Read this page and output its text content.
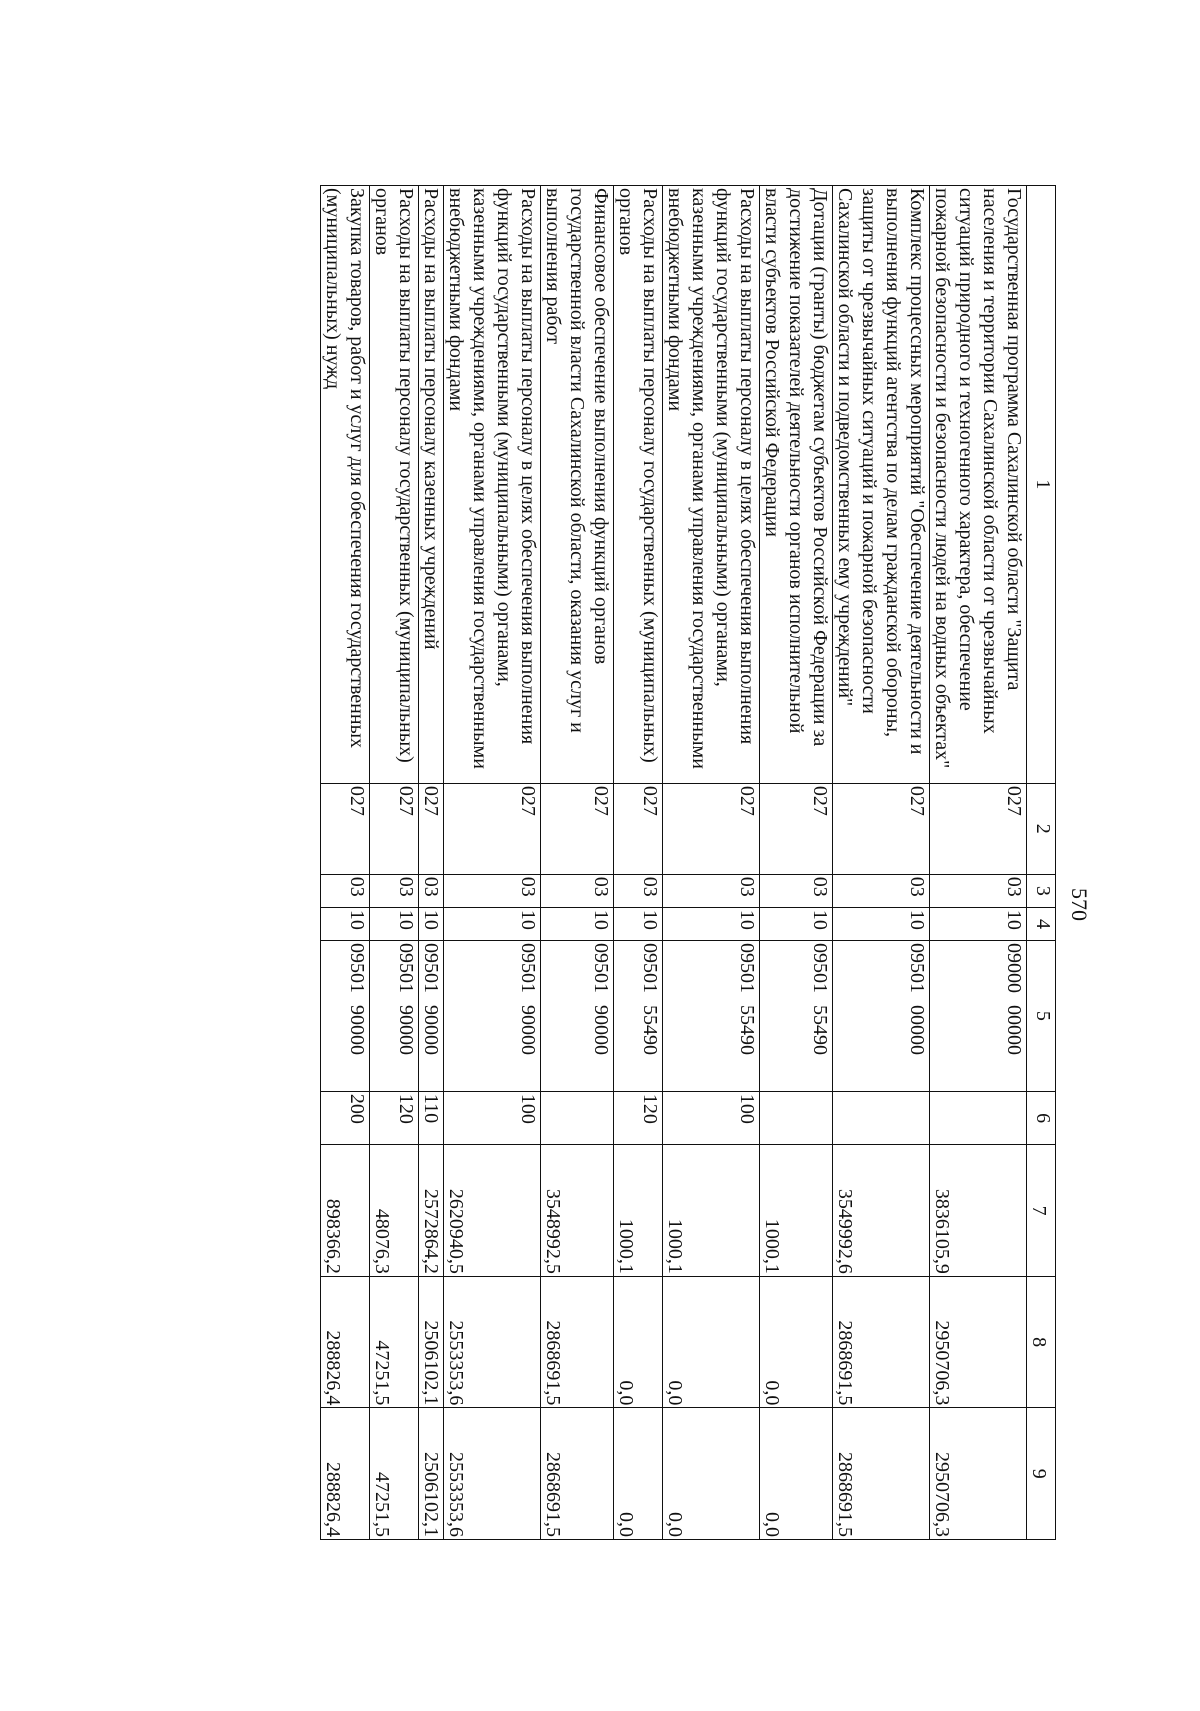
570
1	2	3	4	5	6	7	8	9
Государственная программа Сахалинской области "Защита населения и территории Сахалинской области от чрезвычайных ситуаций природного и техногенного характера, обеспечение пожарной безопасности и безопасности людей на водных объектах"	027	03	10	0900000000		3836105,9	2950706,3	2950706,3
Комплекс процессных мероприятий "Обеспечение деятельности и выполнения функций агентства по делам гражданской обороны, защиты от чрезвычайных ситуаций и пожарной безопасности Сахалинской области и подведомственных ему учреждений"	027	03	10	0950100000		3549992,6	2868691,5	2868691,5
Дотации (гранты) бюджетам субъектов Российской Федерации за достижение показателей деятельности органов исполнительной власти субъектов Российской Федерации	027	03	10	0950155490		1000,1	0,0	0,0
Расходы на выплаты персоналу в целях обеспечения выполнения функций государственными (муниципальными) органами, казенными учреждениями, органами управления государственными внебюджетными фондами	027	03	10	0950155490	100	1000,1	0,0	0,0
Расходы на выплаты персоналу государственных (муниципальных) органов	027	03	10	0950155490	120	1000,1	0,0	0,0
Финансовое обеспечение выполнения функций органов государственной власти Сахалинской области, оказания услуг и выполнения работ	027	03	10	0950190000		3548992,5	2868691,5	2868691,5
Расходы на выплаты персоналу в целях обеспечения выполнения функций государственными (муниципальными) органами, казенными учреждениями, органами управления государственными внебюджетными фондами	027	03	10	0950190000	100	2620940,5	2553353,6	2553353,6
Расходы на выплаты персоналу казенных учреждений	027	03	10	0950190000	110	2572864,2	2506102,1	2506102,1
Расходы на выплаты персоналу государственных (муниципальных) органов	027	03	10	0950190000	120	48076,3	47251,5	47251,5
Закупка товаров, работ и услуг для обеспечения государственных (муниципальных) нужд	027	03	10	0950190000	200	898366,2	288826,4	288826,4
